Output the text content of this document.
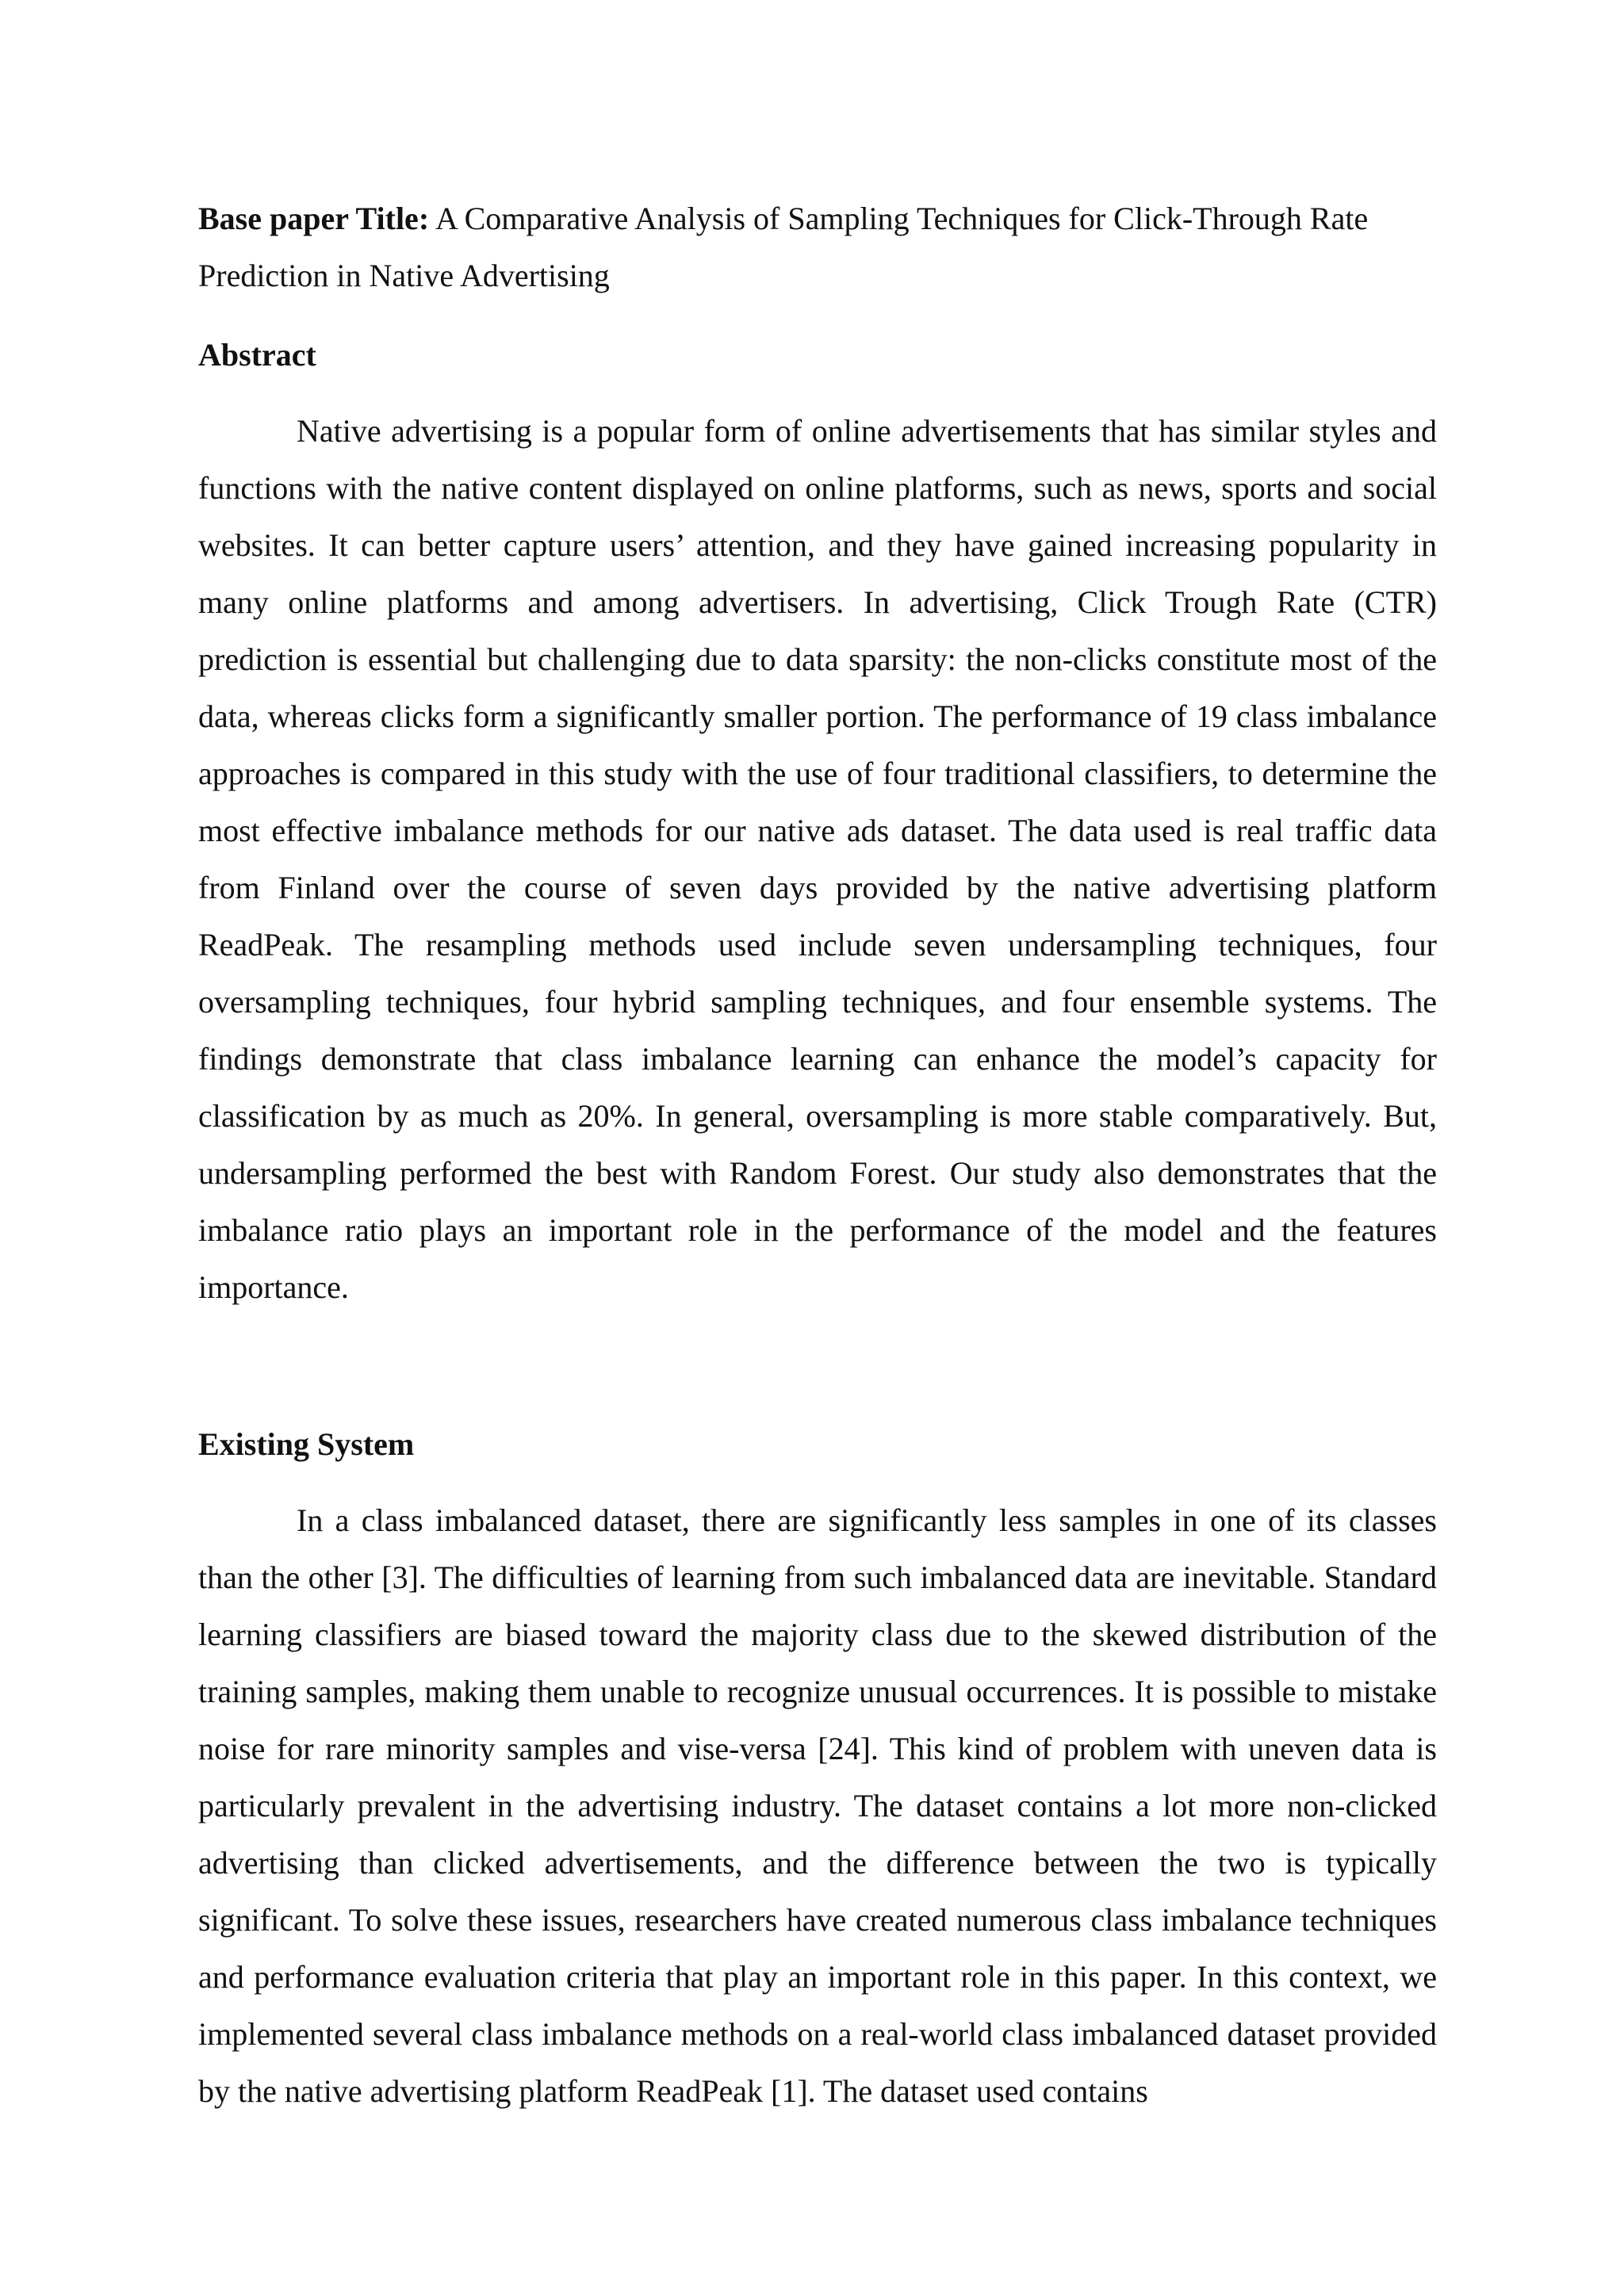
Base paper Title: A Comparative Analysis of Sampling Techniques for Click-Through Rate Prediction in Native Advertising

Abstract

Native advertising is a popular form of online advertisements that has similar styles and functions with the native content displayed on online platforms, such as news, sports and social websites. It can better capture users’ attention, and they have gained increasing popularity in many online platforms and among advertisers. In advertising, Click Trough Rate (CTR) prediction is essential but challenging due to data sparsity: the non-clicks constitute most of the data, whereas clicks form a significantly smaller portion. The performance of 19 class imbalance approaches is compared in this study with the use of four traditional classifiers, to determine the most effective imbalance methods for our native ads dataset. The data used is real traffic data from Finland over the course of seven days provided by the native advertising platform ReadPeak. The resampling methods used include seven undersampling techniques, four oversampling techniques, four hybrid sampling techniques, and four ensemble systems. The findings demonstrate that class imbalance learning can enhance the model’s capacity for classification by as much as 20%. In general, oversampling is more stable comparatively. But, undersampling performed the best with Random Forest. Our study also demonstrates that the imbalance ratio plays an important role in the performance of the model and the features importance.

Existing System

In a class imbalanced dataset, there are significantly less samples in one of its classes than the other [3]. The difficulties of learning from such imbalanced data are inevitable. Standard learning classifiers are biased toward the majority class due to the skewed distribution of the training samples, making them unable to recognize unusual occurrences. It is possible to mistake noise for rare minority samples and vise-versa [24]. This kind of problem with uneven data is particularly prevalent in the advertising industry. The dataset contains a lot more non-clicked advertising than clicked advertisements, and the difference between the two is typically significant. To solve these issues, researchers have created numerous class imbalance techniques and performance evaluation criteria that play an important role in this paper. In this context, we implemented several class imbalance methods on a real-world class imbalanced dataset provided by the native advertising platform ReadPeak [1]. The dataset used contains
